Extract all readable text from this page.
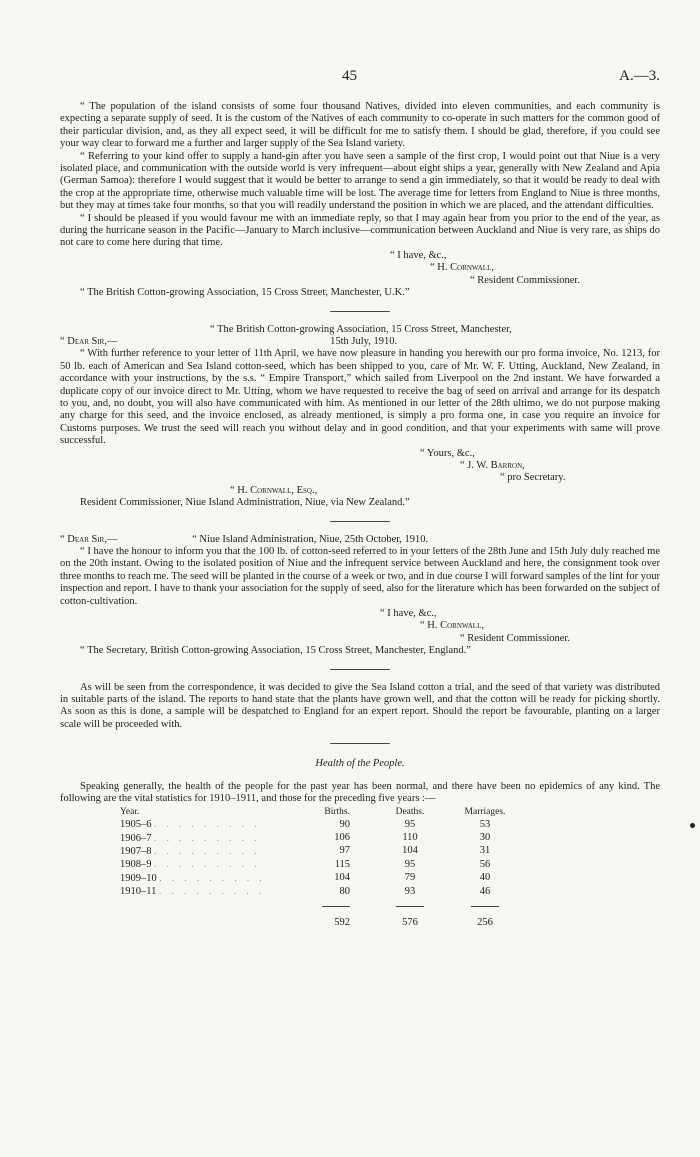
45	A.—3.

“ The population of the island consists of some four thousand Natives, divided into eleven communities, and each community is expecting a separate supply of seed. It is the custom of the Natives of each community to co-operate in such matters for the common good of their particular division, and, as they all expect seed, it will be difficult for me to satisfy them. I should be glad, therefore, if you could see your way clear to forward me a further and larger supply of the Sea Island variety.

“ Referring to your kind offer to supply a hand-gin after you have seen a sample of the first crop, I would point out that Niue is a very isolated place, and communication with the outside world is very infrequent—about eight ships a year, generally with New Zealand and Apia (German Samoa): therefore I would suggest that it would be better to arrange to send a gin immediately, so that it would be ready to deal with the crop at the appropriate time, otherwise much valuable time will be lost. The average time for letters from England to Niue is three months, but they may at times take four months, so that you will readily understand the position in which we are placed, and the attendant difficulties.

“ I should be pleased if you would favour me with an immediate reply, so that I may again hear from you prior to the end of the year, as during the hurricane season in the Pacific—January to March inclusive—communication between Auckland and Niue is very rare, as ships do not care to come here during that time.

“ I have, &c.,

“ H. Cornwall,

“ Resident Commissioner.

“ The British Cotton-growing Association, 15 Cross Street, Manchester, U.K.”

“ The British Cotton-growing Association, 15 Cross Street, Manchester,

“ Dear Sir,—	15th July, 1910.

“ With further reference to your letter of 11th April, we have now pleasure in handing you herewith our pro forma invoice, No. 1213, for 50 lb. each of American and Sea Island cotton-seed, which has been shipped to you, care of Mr. W. F. Utting, Auckland, New Zealand, in accordance with your instructions, by the s.s. “ Empire Transport,” which sailed from Liverpool on the 2nd instant. We have forwarded a duplicate copy of our invoice direct to Mr. Utting, whom we have requested to receive the bag of seed on arrival and arrange for its despatch to you, and, no doubt, you will also have communicated with him. As mentioned in our letter of the 28th ultimo, we do not purpose making any charge for this seed, and the invoice enclosed, as already mentioned, is simply a pro forma one, in case you require an invoice for Customs purposes. We trust the seed will reach you without delay and in good condition, and that your experiments with same will prove successful.

“ Yours, &c.,

“ J. W. Barron,

“ pro Secretary.

“ H. Cornwall, Esq.,

Resident Commissioner, Niue Island Administration, Niue, via New Zealand.”

“ Dear Sir,—	“ Niue Island Administration, Niue, 25th October, 1910.

“ I have the honour to inform you that the 100 lb. of cotton-seed referred to in your letters of the 28th June and 15th July duly reached me on the 20th instant. Owing to the isolated position of Niue and the infrequent service between Auckland and here, the consignment took over three months to reach me. The seed will be planted in the course of a week or two, and in due course I will forward samples of the lint for your inspection and report. I have to thank your association for the supply of seed, also for the literature which has been forwarded on the subject of cotton-cultivation.

“ I have, &c.,

“ H. Cornwall,

“ Resident Commissioner.

“ The Secretary, British Cotton-growing Association, 15 Cross Street, Manchester, England.”

As will be seen from the correspondence, it was decided to give the Sea Island cotton a trial, and the seed of that variety was distributed in suitable parts of the island. The reports to hand state that the plants have grown well, and that the cotton will be ready for picking shortly. As soon as this is done, a sample will be despatched to England for an expert report. Should the report be favourable, planting on a larger scale will be proceeded with.

Health of the People.

Speaking generally, the health of the people for the past year has been normal, and there have been no epidemics of any kind. The following are the vital statistics for 1910–1911, and those for the preceding five years :—

Year.	Births.	Deaths.	Marriages.
1905–6 . . . . . . . . .	90	95	53
1906–7 . . . . . . . . .	106	110	30
1907–8 . . . . . . . . .	97	104	31
1908–9 . . . . . . . . .	115	95	56
1909–10 . . . . . . . . .	104	79	40
1910–11 . . . . . . . . .	80	93	46

	592	576	256
